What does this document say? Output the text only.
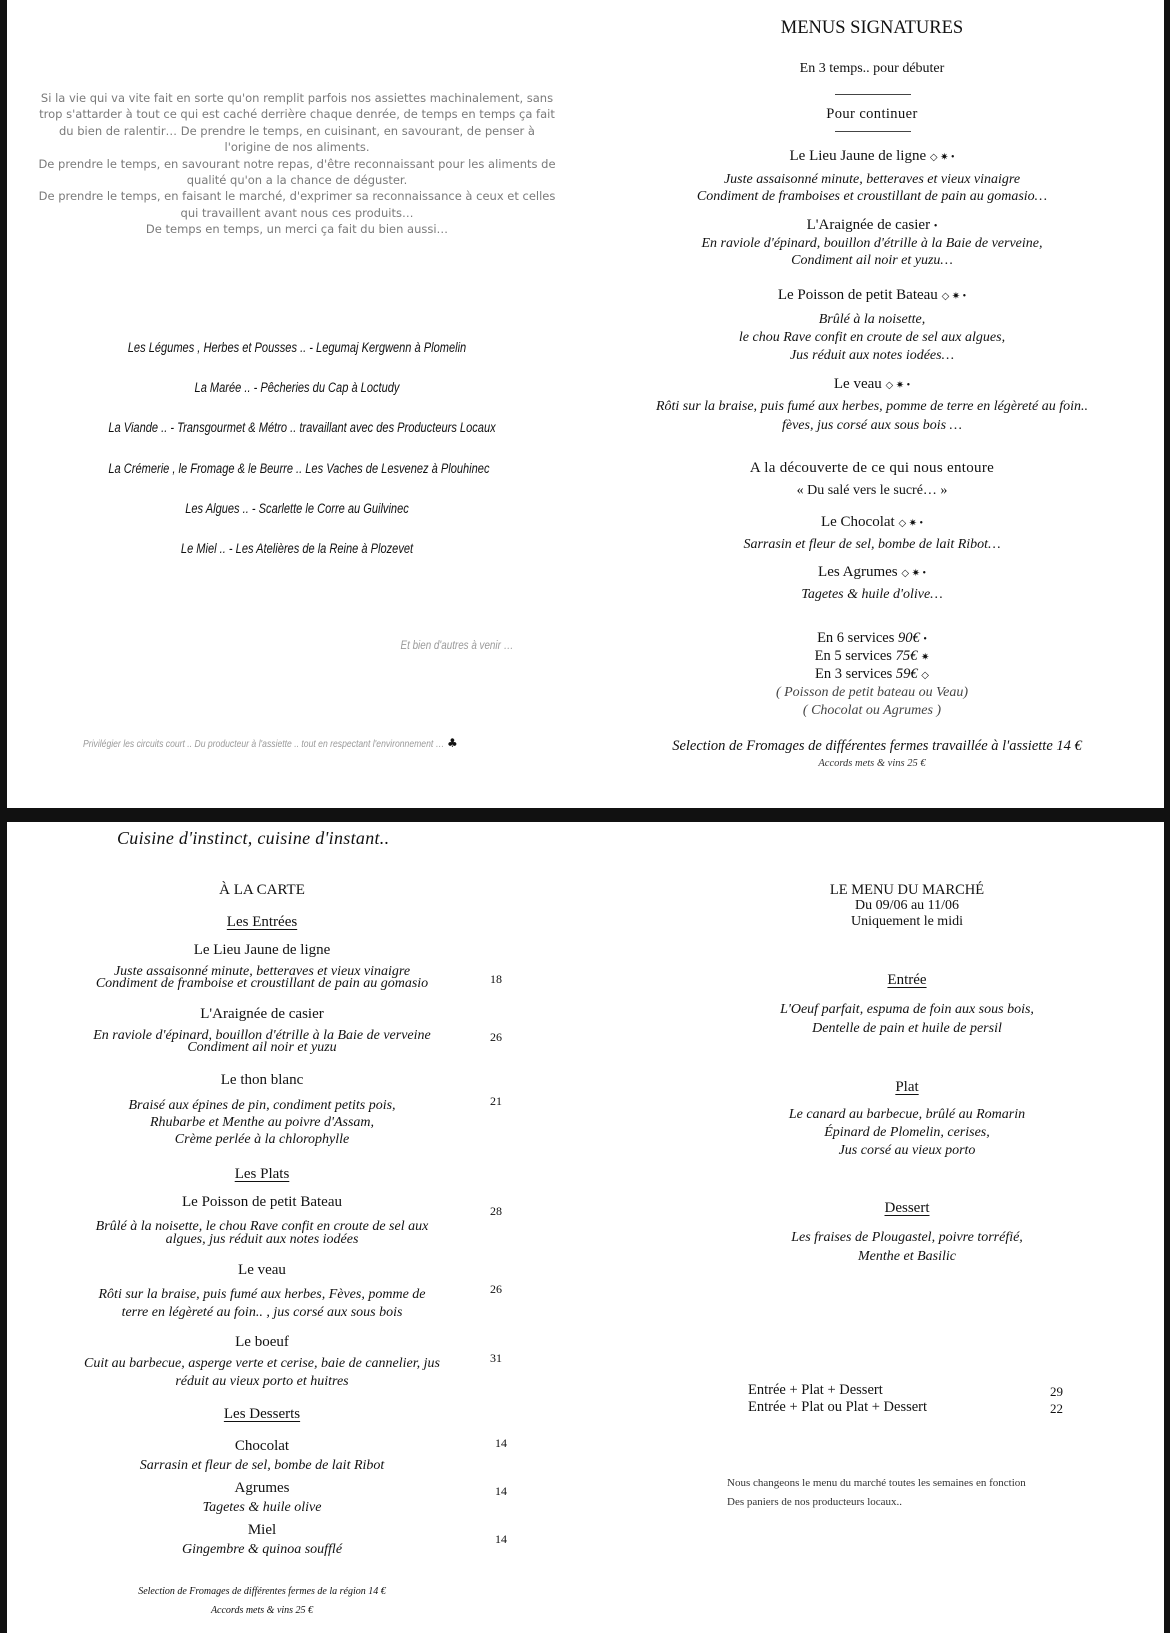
Si la vie qui va vite fait en sorte qu'on remplit parfois nos assiettes machinalement, sans
trop s'attarder à tout ce qui est caché derrière chaque denrée, de temps en temps ça fait
du bien de ralentir… De prendre le temps, en cuisinant, en savourant, de penser à
l'origine de nos aliments.
De prendre le temps, en savourant notre repas, d'être reconnaissant pour les aliments de
qualité qu'on a la chance de déguster.
De prendre le temps, en faisant le marché, d'exprimer sa reconnaissance à ceux et celles
qui travaillent avant nous ces produits…
De temps en temps, un merci ça fait du bien aussi…
Les Légumes , Herbes et Pousses .. - Legumaj Kergwenn à Plomelin
La Marée .. - Pêcheries du Cap à Loctudy
La Viande .. - Transgourmet & Métro .. travaillant avec des Producteurs Locaux
La Crémerie , le Fromage & le Beurre .. Les Vaches de Lesvenez à Plouhinec
Les Algues .. - Scarlette le Corre au Guilvinec
Le Miel .. - Les Atelières de la Reine à Plozevet
Et bien d'autres à venir …
Privilégier les circuits court .. Du producteur à l'assiette .. tout en respectant l'environnement … ♣
MENUS SIGNATURES
En 3 temps.. pour débuter
Pour continuer
Le Lieu Jaune de ligne ◇ ✷ •
Juste assaisonné minute, betteraves et vieux vinaigre
Condiment de framboises et croustillant de pain au gomasio…
L'Araignée de casier •
En raviole d'épinard, bouillon d'étrille à la Baie de verveine,
Condiment ail noir et yuzu…
Le Poisson de petit Bateau ◇ ✷ •
Brûlé à la noisette,
le chou Rave confit en croute de sel aux algues,
Jus réduit aux notes iodées…
Le veau ◇ ✷ •
Rôti sur la braise, puis fumé aux herbes, pomme de terre en légèreté au foin..
fèves, jus corsé aux sous bois …
A la découverte de ce qui nous entoure
« Du salé vers le sucré… »
Le Chocolat ◇ ✷ •
Sarrasin et fleur de sel, bombe de lait Ribot…
Les Agrumes ◇ ✷ •
Tagetes & huile d'olive…
En 6 services 90€ •
En 5 services 75€ ✷
En 3 services 59€ ◇
( Poisson de petit bateau ou Veau)
( Chocolat ou Agrumes )
Selection de Fromages de différentes fermes travaillée à l'assiette 14 €
Accords mets & vins 25 €
Cuisine d'instinct, cuisine d'instant..
À LA CARTE
Les Entrées
Le Lieu Jaune de ligne
Juste assaisonné minute, betteraves et vieux vinaigre
Condiment de framboise et croustillant de pain au gomasio	18
L'Araignée de casier
En raviole d'épinard, bouillon d'étrille à la Baie de verveine
Condiment ail noir et yuzu
26
Le thon blanc
Braisé aux épines de pin, condiment petits pois,
Rhubarbe et Menthe au poivre d'Assam,
Crème perlée à la chlorophylle
21
Les Plats
Le Poisson de petit Bateau
Brûlé à la noisette, le chou Rave confit en croute de sel aux
algues, jus réduit aux notes iodées
28
Le veau
Rôti sur la braise, puis fumé aux herbes, Fèves, pomme de
terre en légèreté au foin.. , jus corsé aux sous bois
26
Le boeuf
Cuit au barbecue, asperge verte et cerise, baie de cannelier, jus
réduit au vieux porto et huitres
31
Les Desserts
Chocolat
Sarrasin et fleur de sel, bombe de lait Ribot
14
Agrumes
Tagetes & huile olive
14
Miel
Gingembre & quinoa soufflé
14
Selection de Fromages de différentes fermes de la région 14 €
Accords mets & vins 25 €
LE MENU DU MARCHÉ
Du 09/06 au 11/06
Uniquement le midi
Entrée
L'Oeuf parfait, espuma de foin aux sous bois,
Dentelle de pain et huile de persil
Plat
Le canard au barbecue, brûlé au Romarin
Épinard de Plomelin, cerises,
Jus corsé au vieux porto
Dessert
Les fraises de Plougastel, poivre torréfié,
Menthe et Basilic
Entrée + Plat + Dessert	29
Entrée + Plat ou Plat + Dessert	22
Nous changeons le menu du marché toutes les semaines en fonction
Des paniers de nos producteurs locaux..
